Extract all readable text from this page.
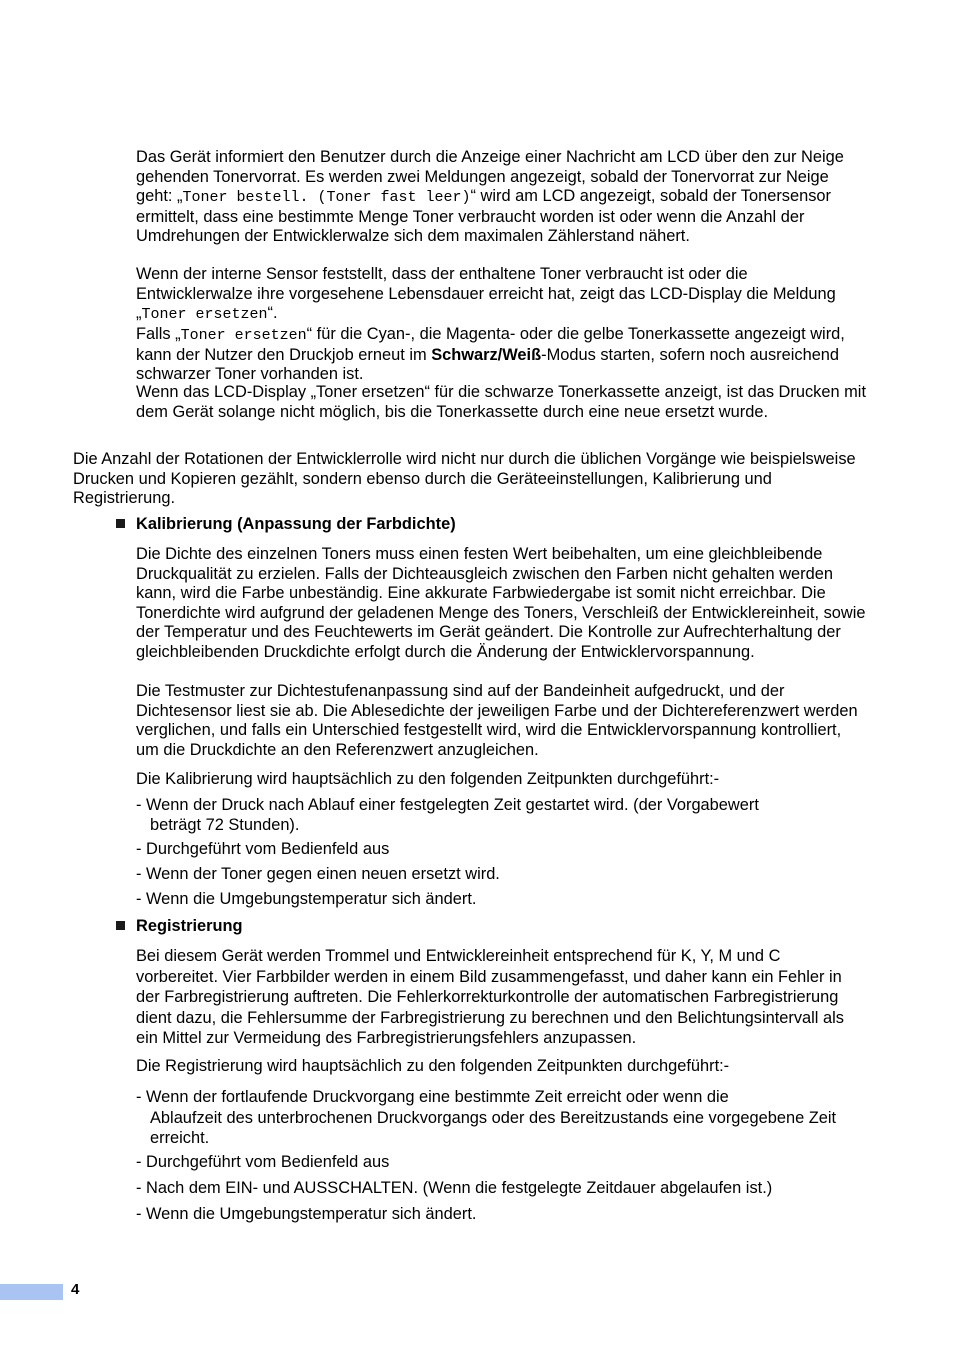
Das Gerät informiert den Benutzer durch die Anzeige einer Nachricht am LCD über den zur Neige gehenden Tonervorrat. Es werden zwei Meldungen angezeigt, sobald der Tonervorrat zur Neige geht: „Toner bestell. (Toner fast leer)“ wird am LCD angezeigt, sobald der Tonersensor ermittelt, dass eine bestimmte Menge Toner verbraucht worden ist oder wenn die Anzahl der Umdrehungen der Entwicklerwalze sich dem maximalen Zählerstand nähert.

Wenn der interne Sensor feststellt, dass der enthaltene Toner verbraucht ist oder die Entwicklerwalze ihre vorgesehene Lebensdauer erreicht hat, zeigt das LCD-Display die Meldung „Toner ersetzen“.

Falls „Toner ersetzen“ für die Cyan-, die Magenta- oder die gelbe Tonerkassette angezeigt wird, kann der Nutzer den Druckjob erneut im Schwarz/Weiß-Modus starten, sofern noch ausreichend schwarzer Toner vorhanden ist.

Wenn das LCD-Display „Toner ersetzen“ für die schwarze Tonerkassette anzeigt, ist das Drucken mit dem Gerät solange nicht möglich, bis die Tonerkassette durch eine neue ersetzt wurde.

Die Anzahl der Rotationen der Entwicklerrolle wird nicht nur durch die üblichen Vorgänge wie beispielsweise Drucken und Kopieren gezählt, sondern ebenso durch die Geräteeinstellungen, Kalibrierung und Registrierung.

Kalibrierung (Anpassung der Farbdichte)

Die Dichte des einzelnen Toners muss einen festen Wert beibehalten, um eine gleichbleibende Druckqualität zu erzielen. Falls der Dichteausgleich zwischen den Farben nicht gehalten werden kann, wird die Farbe unbeständig. Eine akkurate Farbwiedergabe ist somit nicht erreichbar. Die Tonerdichte wird aufgrund der geladenen Menge des Toners, Verschleiß der Entwicklereinheit, sowie der Temperatur und des Feuchtewerts im Gerät geändert. Die Kontrolle zur Aufrechterhaltung der gleichbleibenden Druckdichte erfolgt durch die Änderung der Entwicklervorspannung.

Die Testmuster zur Dichtestufenanpassung sind auf der Bandeinheit aufgedruckt, und der Dichtesensor liest sie ab. Die Ablesedichte der jeweiligen Farbe und der Dichtereferenzwert werden verglichen, und falls ein Unterschied festgestellt wird, wird die Entwicklervorspannung kontrolliert, um die Druckdichte an den Referenzwert anzugleichen.

Die Kalibrierung wird hauptsächlich zu den folgenden Zeitpunkten durchgeführt:-

- Wenn der Druck nach Ablauf einer festgelegten Zeit gestartet wird. (der Vorgabewert
beträgt 72 Stunden).
- Durchgeführt vom Bedienfeld aus
- Wenn der Toner gegen einen neuen ersetzt wird.
- Wenn die Umgebungstemperatur sich ändert.
Registrierung

Bei diesem Gerät werden Trommel und Entwicklereinheit entsprechend für K, Y, M und C vorbereitet. Vier Farbbilder werden in einem Bild zusammengefasst, und daher kann ein Fehler in der Farbregistrierung auftreten. Die Fehlerkorrekturkontrolle der automatischen Farbregistrierung dient dazu, die Fehlersumme der Farbregistrierung zu berechnen und den Belichtungsintervall als ein Mittel zur Vermeidung des Farbregistrierungsfehlers anzupassen.

Die Registrierung wird hauptsächlich zu den folgenden Zeitpunkten durchgeführt:-

- Wenn der fortlaufende Druckvorgang eine bestimmte Zeit erreicht oder wenn die
Ablaufzeit des unterbrochenen Druckvorgangs oder des Bereitzustands eine vorgegebene Zeit erreicht.
- Durchgeführt vom Bedienfeld aus
- Nach dem EIN- und AUSSCHALTEN. (Wenn die festgelegte Zeitdauer abgelaufen ist.)
- Wenn die Umgebungstemperatur sich ändert.
4
